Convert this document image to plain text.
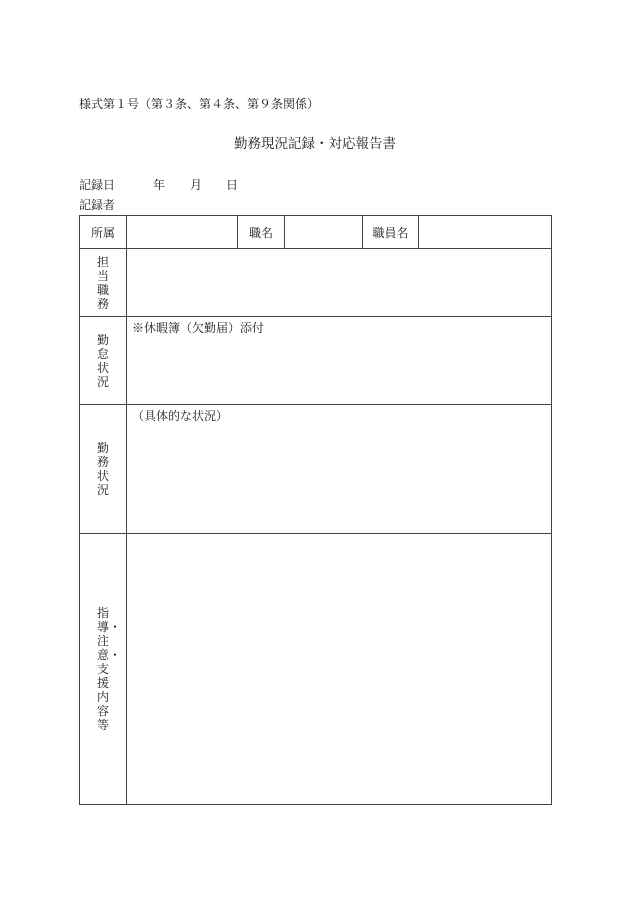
様式第１号（第３条、第４条、第９条関係）
勤務現況記録・対応報告書
記録日	年 月 日
記録者
所属		職名		職員名	
担当職務					
勤怠状況	※休暇簿（欠勤届）添付				
勤務状況	（具体的な状況）				
指導・注意・支援内容等					
